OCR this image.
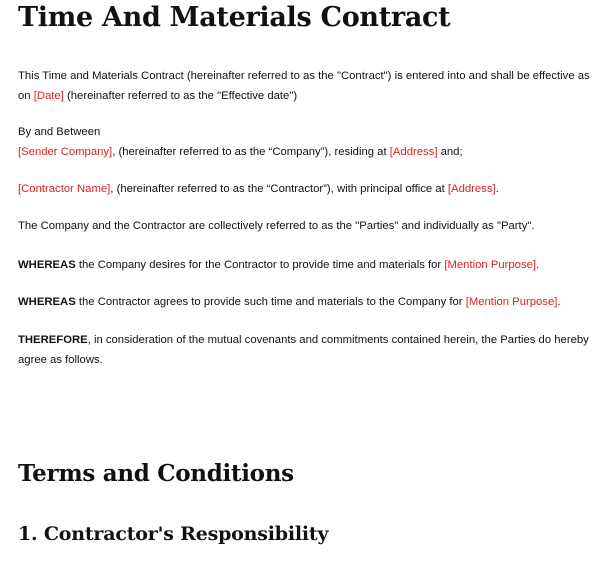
Time And Materials Contract

This Time and Materials Contract (hereinafter referred to as the "Contract") is entered into and shall be effective as on [Date] (hereinafter referred to as the "Effective date")

By and Between

[Sender Company], (hereinafter referred to as the “Company”), residing at [Address] and;

[Contractor Name], (hereinafter referred to as the “Contractor”), with principal office at [Address].

The Company and the Contractor are collectively referred to as the "Parties" and individually as "Party".

WHEREAS the Company desires for the Contractor to provide time and materials for [Mention Purpose].

WHEREAS the Contractor agrees to provide such time and materials to the Company for [Mention Purpose].

THEREFORE, in consideration of the mutual covenants and commitments contained herein, the Parties do hereby agree as follows.

Terms and Conditions
1. Contractor's Responsibility
